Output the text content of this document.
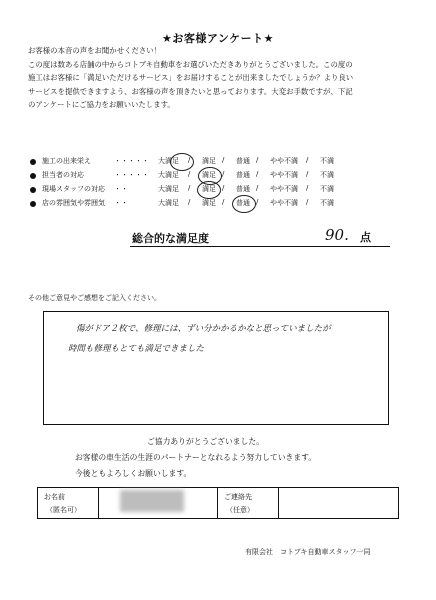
★お客様アンケート★
お客様の本音の声をお聞かせください！
この度は数ある店舗の中からコトブキ自動車をお選びいただきありがとうございました。この度の
施工はお客様に「満足いただけるサービス」をお届けすることが出来ましたでしょうか？より良い
サービスを提供できますよう、お客様の声を頂きたいと思っております。大変お手数ですが、下記
のアンケートにご協力をお願いいたします。
施工の出来栄え	・・・・・ 大満足 / 満足 / 普通 / やや不満 / 不満
担当者の対応	・・・・・ 大満足 / 満足 / 普通 / やや不満 / 不満
現場スタッフの対応 ・・	大満足 / 満足 / 普通 / やや不満 / 不満
店の雰囲気や雰囲気 ・・	大満足 / 満足 / 普通 / やや不満 / 不満
総合的な満足度	90. 点
その他ご意見やご感想をご記入ください。
傷がドア２枚で、修理には、ずい分かかるかなと思っていましたが
時間も修理もとても満足できました
ご協力ありがとうございました。
お客様の車生活の生涯のパートナーとなれるよう努力していきます。
今後ともよろしくお願いします。
お名前
（匿名可）
ご連絡先
（任意）
有限会社　コトブキ自動車スタッフ一同
